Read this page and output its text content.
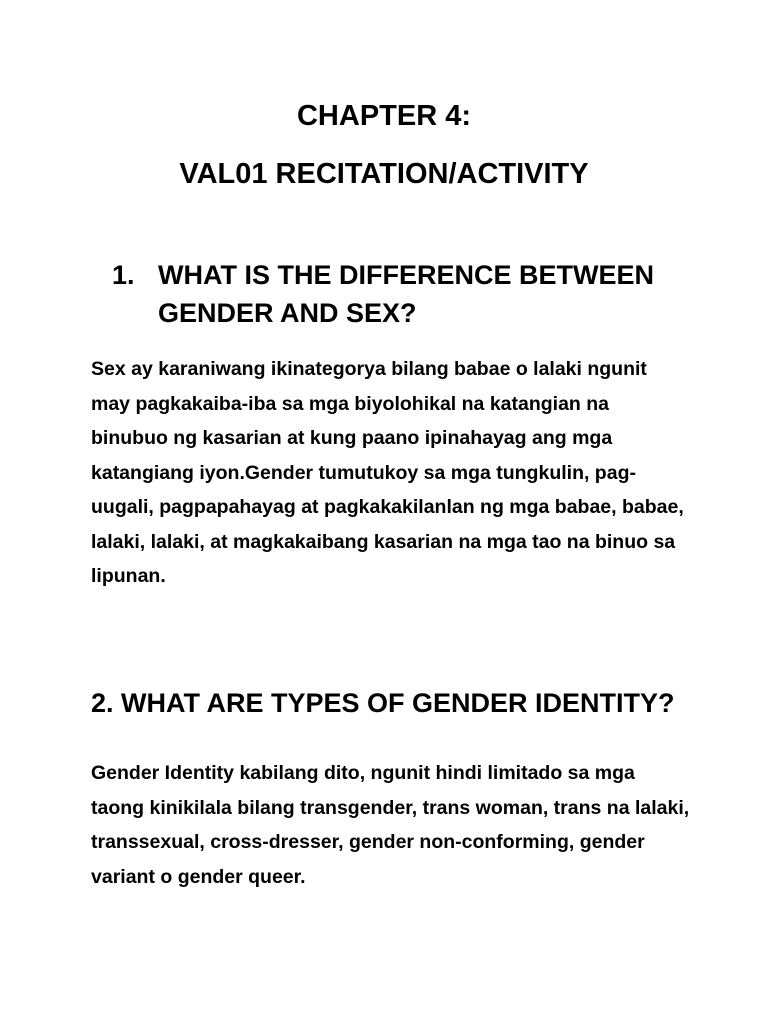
CHAPTER 4:
VAL01 RECITATION/ACTIVITY
1. WHAT IS THE DIFFERENCE BETWEEN GENDER AND SEX?

Sex ay karaniwang ikinategorya bilang babae o lalaki ngunit may pagkakaiba-iba sa mga biyolohikal na katangian na binubuo ng kasarian at kung paano ipinahayag ang mga katangiang iyon.Gender tumutukoy sa mga tungkulin, pag-uugali, pagpapahayag at pagkakakilanlan ng mga babae, babae, lalaki, lalaki, at magkakaibang kasarian na mga tao na binuo sa lipunan.

2. WHAT ARE TYPES OF GENDER IDENTITY?

Gender Identity kabilang dito, ngunit hindi limitado sa mga taong kinikilala bilang transgender, trans woman, trans na lalaki, transsexual, cross-dresser, gender non-conforming, gender variant o gender queer.
